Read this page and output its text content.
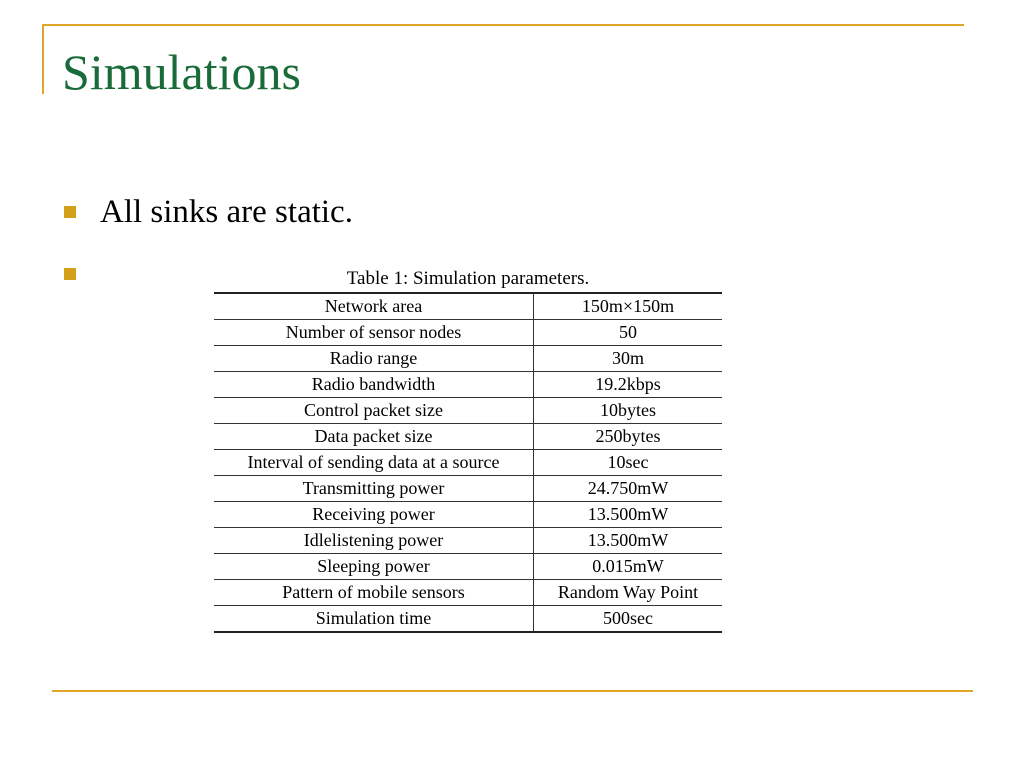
Simulations
All sinks are static.
Table 1: Simulation parameters.
Network area	150m×150m
Number of sensor nodes	50
Radio range	30m
Radio bandwidth	19.2kbps
Control packet size	10bytes
Data packet size	250bytes
Interval of sending data at a source	10sec
Transmitting power	24.750mW
Receiving power	13.500mW
Idlelistening power	13.500mW
Sleeping power	0.015mW
Pattern of mobile sensors	Random Way Point
Simulation time	500sec
